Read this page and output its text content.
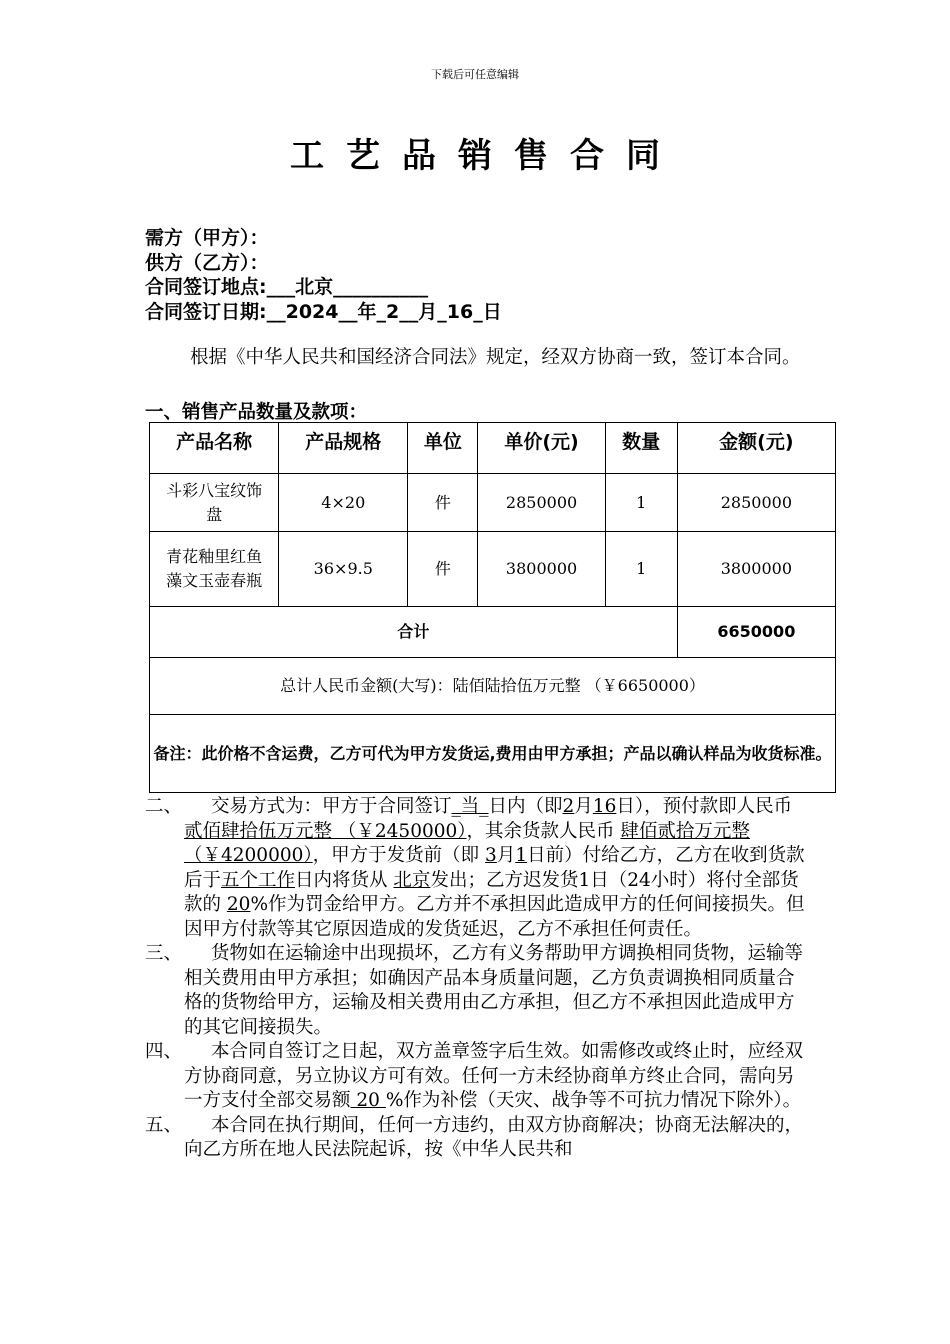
下载后可任意编辑
工艺品销售合同
需方（甲方）：
供方（乙方）：
合同签订地点:___北京__________
合同签订日期:__2024__年_2__月_16_日
根据《中华人民共和国经济合同法》规定，经双方协商一致，签订本合同。
一、销售产品数量及款项：
产品名称	产品规格	单位	单价(元)	数量	金额(元)

斗彩八宝纹饰盘	4×20	件	2850000	1	2850000

青花釉里红鱼藻文玉壶春瓶	36×9.5	件	3800000	1	3800000
合计					6650000
总计人民币金额(大写)：陆佰陆拾伍万元整 （￥6650000）					
备注：此价格不含运费，乙方可代为甲方发货运,费用由甲方承担；产品以确认样品为收货标准。					
二、 交易方式为：甲方于合同签订_当_日内（即2月16日），预付款即人民币贰佰肆拾伍万元整 （￥2450000），其余货款人民币 肆佰贰拾万元整（￥4200000），甲方于发货前（即 3月1日前）付给乙方，乙方在收到货款后于五个工作日内将货从 北京发出；乙方迟发货1日（24小时）将付全部货款的 20%作为罚金给甲方。乙方并不承担因此造成甲方的任何间接损失。但因甲方付款等其它原因造成的发货延迟，乙方不承担任何责任。
三、 货物如在运输途中出现损坏，乙方有义务帮助甲方调换相同货物，运输等相关费用由甲方承担；如确因产品本身质量问题，乙方负责调换相同质量合格的货物给甲方，运输及相关费用由乙方承担，但乙方不承担因此造成甲方的其它间接损失。
四、 本合同自签订之日起，双方盖章签字后生效。如需修改或终止时，应经双方协商同意，另立协议方可有效。任何一方未经协商单方终止合同，需向另一方支付全部交易额 20 %作为补偿（天灾、战争等不可抗力情况下除外）。
五、 本合同在执行期间，任何一方违约，由双方协商解决；协商无法解决的，向乙方所在地人民法院起诉，按《中华人民共和
